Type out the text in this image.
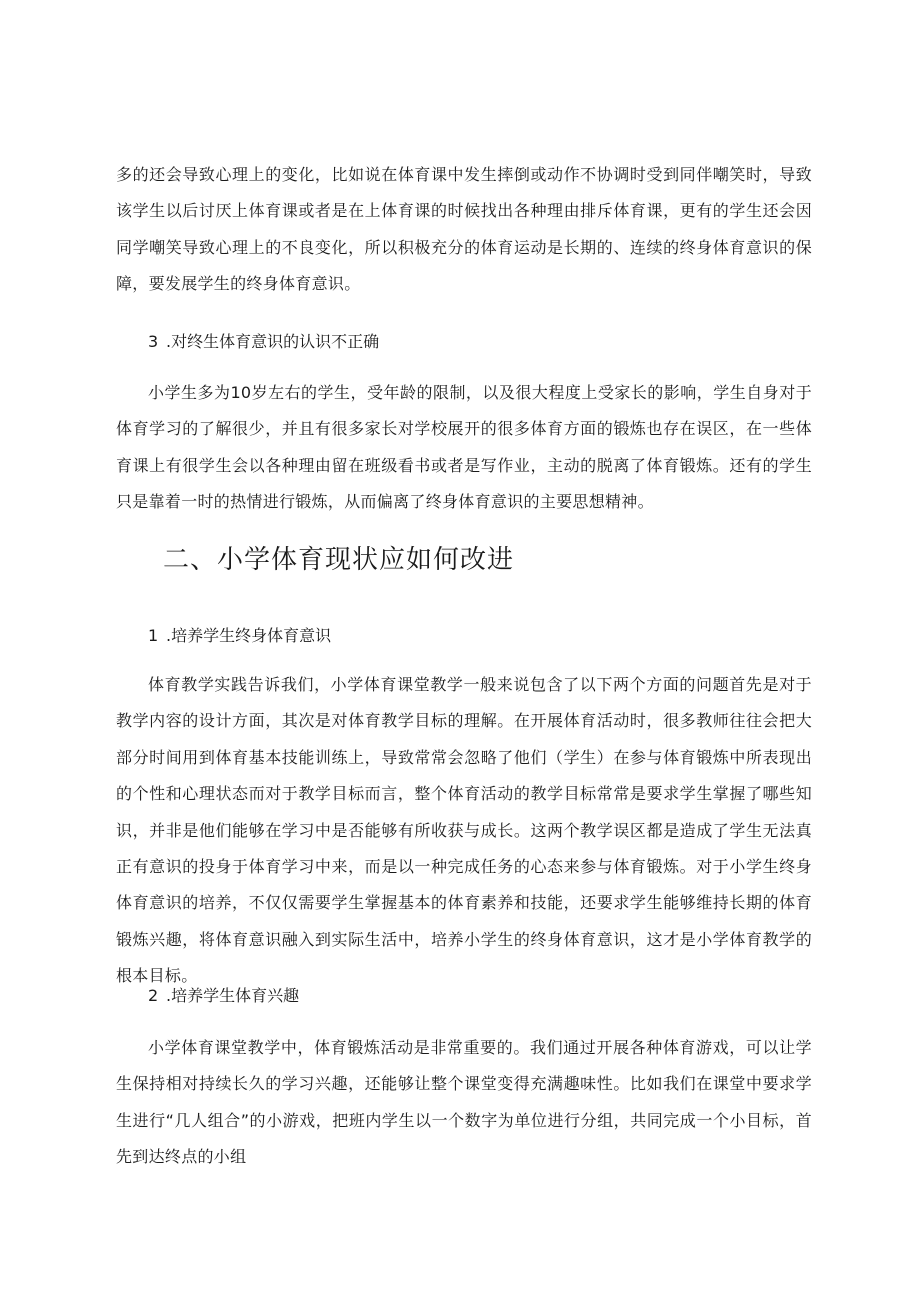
多的还会导致心理上的变化，比如说在体育课中发生摔倒或动作不协调时受到同伴嘲笑时，导致该学生以后讨厌上体育课或者是在上体育课的时候找出各种理由排斥体育课，更有的学生还会因同学嘲笑导致心理上的不良变化，所以积极充分的体育运动是长期的、连续的终身体育意识的保障，要发展学生的终身体育意识。

3 .对终生体育意识的认识不正确

小学生多为10岁左右的学生，受年龄的限制，以及很大程度上受家长的影响，学生自身对于体育学习的了解很少，并且有很多家长对学校展开的很多体育方面的锻炼也存在误区，在一些体育课上有很学生会以各种理由留在班级看书或者是写作业，主动的脱离了体育锻炼。还有的学生只是靠着一时的热情进行锻炼，从而偏离了终身体育意识的主要思想精神。

二、小学体育现状应如何改进
1 .培养学生终身体育意识

体育教学实践告诉我们，小学体育课堂教学一般来说包含了以下两个方面的问题首先是对于教学内容的设计方面，其次是对体育教学目标的理解。在开展体育活动时，很多教师往往会把大部分时间用到体育基本技能训练上，导致常常会忽略了他们（学生）在参与体育锻炼中所表现出的个性和心理状态而对于教学目标而言，整个体育活动的教学目标常常是要求学生掌握了哪些知识，并非是他们能够在学习中是否能够有所收获与成长。这两个教学误区都是造成了学生无法真正有意识的投身于体育学习中来，而是以一种完成任务的心态来参与体育锻炼。对于小学生终身体育意识的培养，不仅仅需要学生掌握基本的体育素养和技能，还要求学生能够维持长期的体育锻炼兴趣，将体育意识融入到实际生活中，培养小学生的终身体育意识，这才是小学体育教学的根本目标。

2 .培养学生体育兴趣

小学体育课堂教学中，体育锻炼活动是非常重要的。我们通过开展各种体育游戏，可以让学生保持相对持续长久的学习兴趣，还能够让整个课堂变得充满趣味性。比如我们在课堂中要求学生进行“几人组合”的小游戏，把班内学生以一个数字为单位进行分组，共同完成一个小目标，首先到达终点的小组
